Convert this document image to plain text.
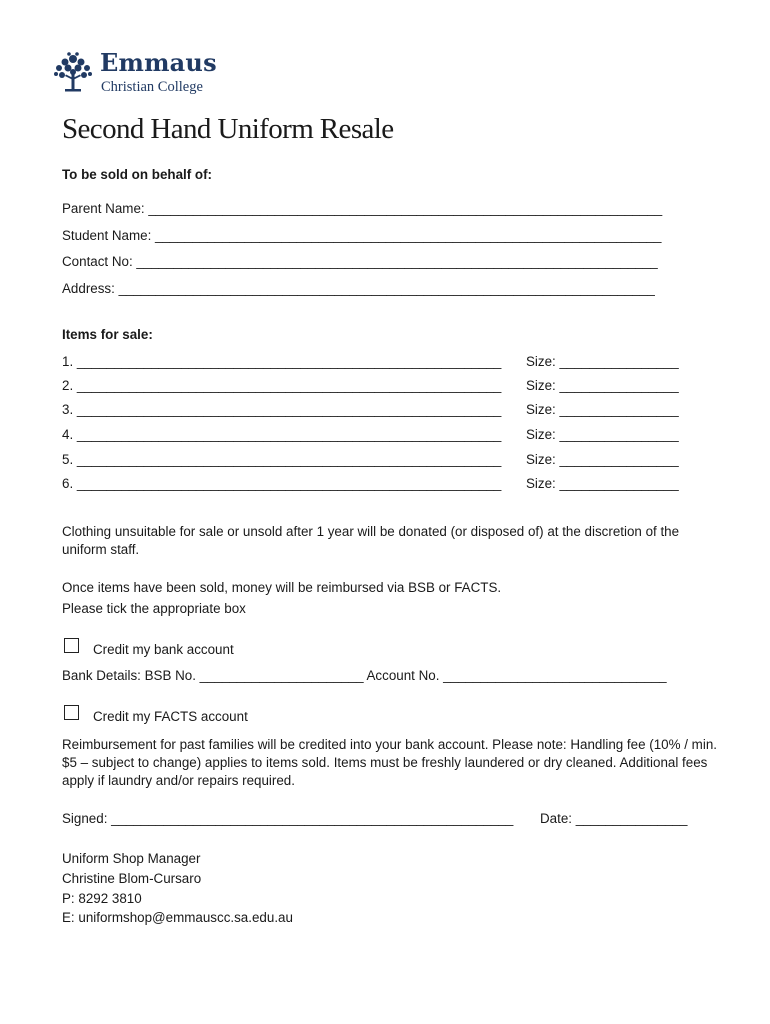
Emmaus
Christian College
Second Hand Uniform Resale
To be sold on behalf of:
Parent Name: _____________________________________________________________________
Student Name: ____________________________________________________________________
Contact No: ______________________________________________________________________
Address: ________________________________________________________________________
Items for sale:
1. _________________________________________________________ Size: ________________
2. _________________________________________________________ Size: ________________
3. _________________________________________________________ Size: ________________
4. _________________________________________________________ Size: ________________
5. _________________________________________________________ Size: ________________
6. _________________________________________________________ Size: ________________
Clothing unsuitable for sale or unsold after 1 year will be donated (or disposed of) at the discretion of the uniform staff.
Once items have been sold, money will be reimbursed via BSB or FACTS.
Please tick the appropriate box
Credit my bank account
Bank Details: BSB No. ______________________ Account No. ______________________________
Credit my FACTS account
Reimbursement for past families will be credited into your bank account. Please note: Handling fee (10% / min. $5 – subject to change) applies to items sold. Items must be freshly laundered or dry cleaned. Additional fees apply if laundry and/or repairs required.
Signed: ______________________________________________________ Date: _______________
Uniform Shop Manager
Christine Blom-Cursaro
P: 8292 3810
E: uniformshop@emmauscc.sa.edu.au
